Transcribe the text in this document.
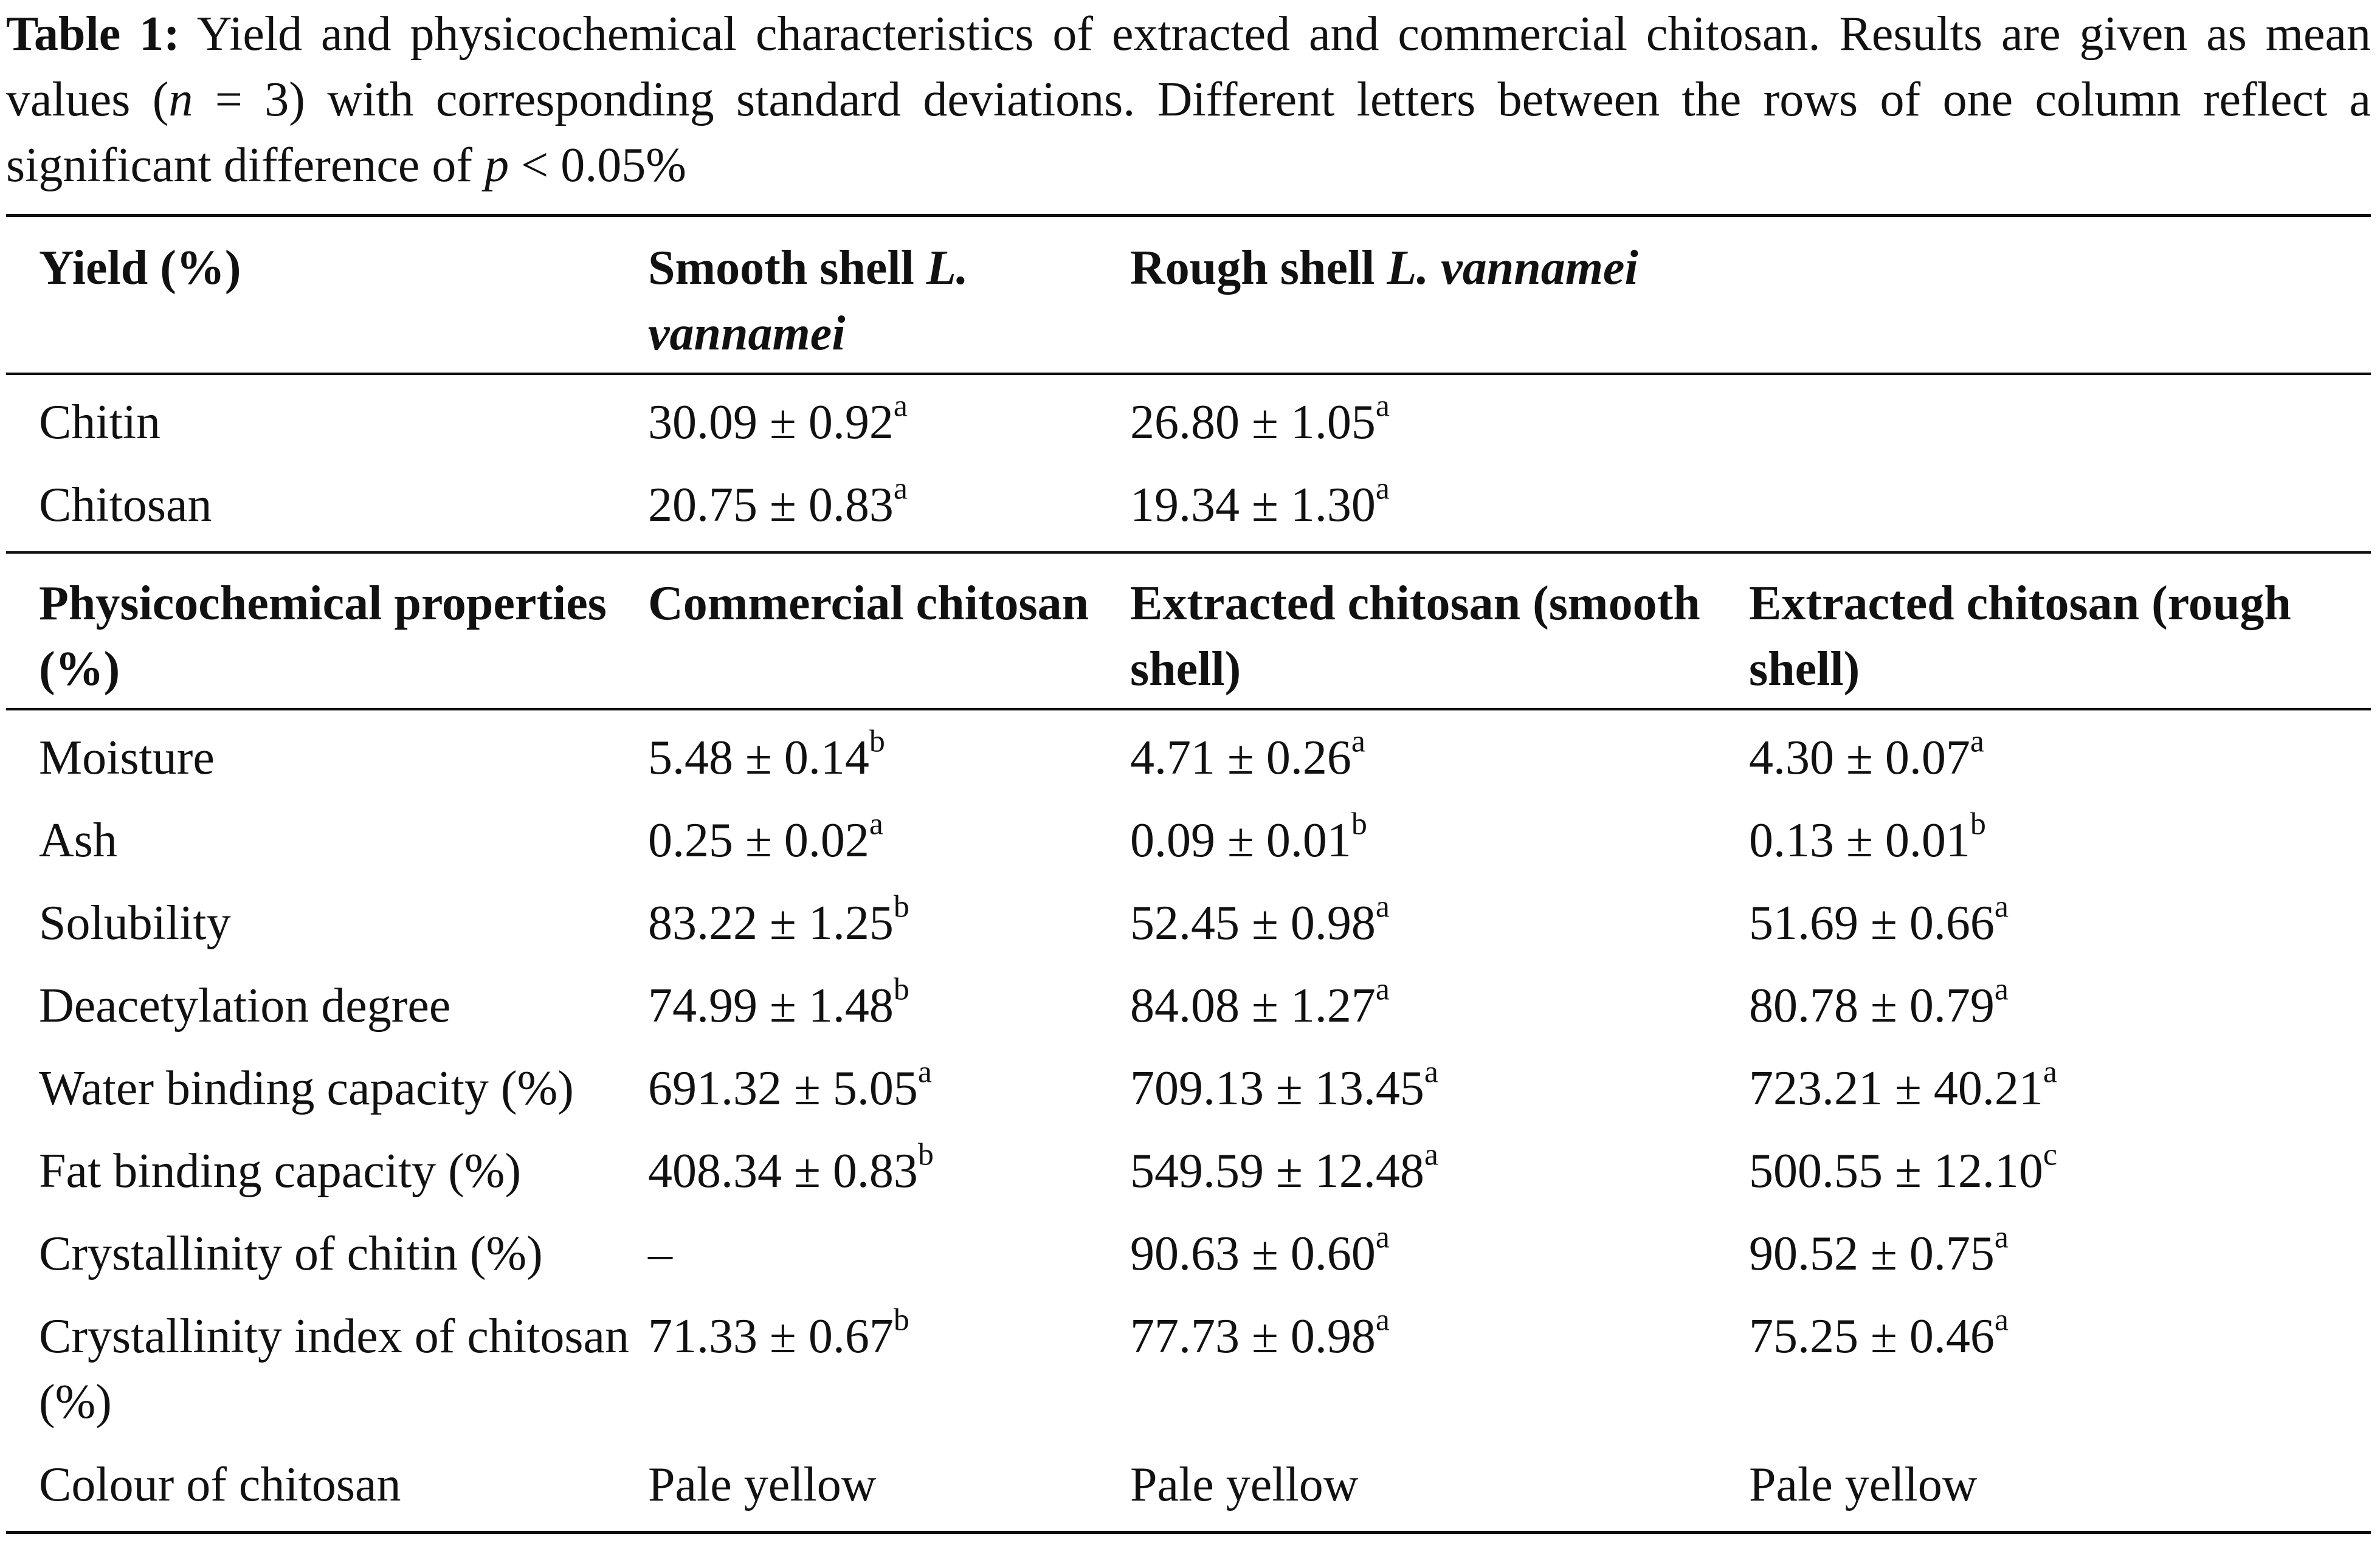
Table 1: Yield and physicochemical characteristics of extracted and commercial chitosan. Results are given as mean values (n = 3) with corresponding standard deviations. Different letters between the rows of one column reflect a significant difference of p < 0.05%
Yield (%)	Smooth shell L. vannamei	Rough shell L. vannamei	
Chitin	30.09 ± 0.92$^a$	26.80 ± 1.05$^a$	
Chitosan	20.75 ± 0.83$^a$	19.34 ± 1.30$^a$	
Physicochemical properties (%)	Commercial chitosan	Extracted chitosan (smooth shell)	Extracted chitosan (rough shell)
Moisture	5.48 ± 0.14$^b$	4.71 ± 0.26$^a$	4.30 ± 0.07$^a$
Ash	0.25 ± 0.02$^a$	0.09 ± 0.01$^b$	0.13 ± 0.01$^b$
Solubility	83.22 ± 1.25$^b$	52.45 ± 0.98$^a$	51.69 ± 0.66$^a$
Deacetylation degree	74.99 ± 1.48$^b$	84.08 ± 1.27$^a$	80.78 ± 0.79$^a$
Water binding capacity (%)	691.32 ± 5.05$^a$	709.13 ± 13.45$^a$	723.21 ± 40.21$^a$
Fat binding capacity (%)	408.34 ± 0.83$^b$	549.59 ± 12.48$^a$	500.55 ± 12.10$^c$
Crystallinity of chitin (%)	–	90.63 ± 0.60$^a$	90.52 ± 0.75$^a$
Crystallinity index of chitosan (%)	71.33 ± 0.67$^b$	77.73 ± 0.98$^a$	75.25 ± 0.46$^a$
Colour of chitosan	Pale yellow	Pale yellow	Pale yellow
